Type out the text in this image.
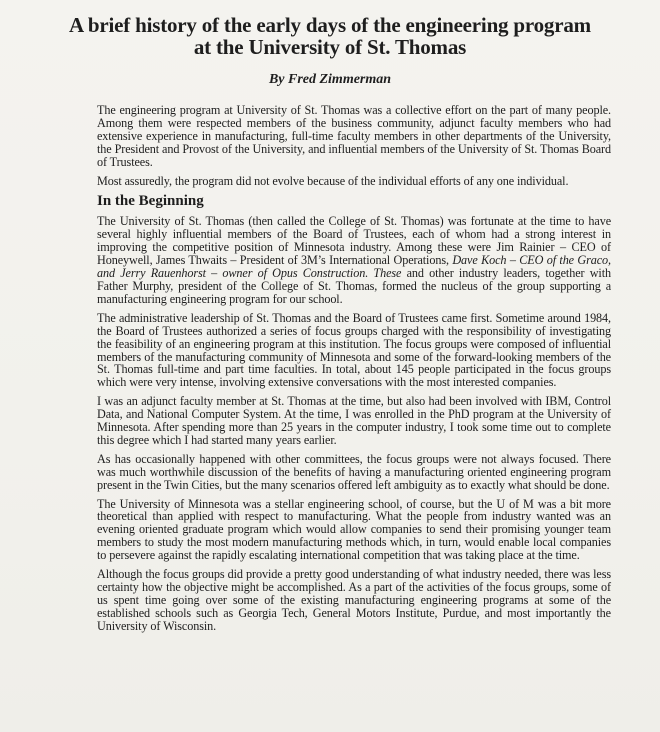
A brief history of the early days of the engineering program at the University of St. Thomas

By Fred Zimmerman

The engineering program at University of St. Thomas was a collective effort on the part of many people. Among them were respected members of the business community, adjunct faculty members who had extensive experience in manufacturing, full-time faculty members in other departments of the University, the President and Provost of the University, and influential members of the University of St. Thomas Board of Trustees.

Most assuredly, the program did not evolve because of the individual efforts of any one individual.

In the Beginning

The University of St. Thomas (then called the College of St. Thomas) was fortunate at the time to have several highly influential members of the Board of Trustees, each of whom had a strong interest in improving the competitive position of Minnesota industry. Among these were Jim Rainier – CEO of Honeywell, James Thwaits – President of 3M’s International Operations, Dave Koch – CEO of the Graco, and Jerry Rauenhorst – owner of Opus Construction. These and other industry leaders, together with Father Murphy, president of the College of St. Thomas, formed the nucleus of the group supporting a manufacturing engineering program for our school.

The administrative leadership of St. Thomas and the Board of Trustees came first. Sometime around 1984, the Board of Trustees authorized a series of focus groups charged with the responsibility of investigating the feasibility of an engineering program at this institution. The focus groups were composed of influential members of the manufacturing community of Minnesota and some of the forward-looking members of the St. Thomas full-time and part time faculties. In total, about 145 people participated in the focus groups which were very intense, involving extensive conversations with the most interested companies.

I was an adjunct faculty member at St. Thomas at the time, but also had been involved with IBM, Control Data, and National Computer System. At the time, I was enrolled in the PhD program at the University of Minnesota. After spending more than 25 years in the computer industry, I took some time out to complete this degree which I had started many years earlier.

As has occasionally happened with other committees, the focus groups were not always focused. There was much worthwhile discussion of the benefits of having a manufacturing oriented engineering program present in the Twin Cities, but the many scenarios offered left ambiguity as to exactly what should be done.

The University of Minnesota was a stellar engineering school, of course, but the U of M was a bit more theoretical than applied with respect to manufacturing. What the people from industry wanted was an evening oriented graduate program which would allow companies to send their promising younger team members to study the most modern manufacturing methods which, in turn, would enable local companies to persevere against the rapidly escalating international competition that was taking place at the time.

Although the focus groups did provide a pretty good understanding of what industry needed, there was less certainty how the objective might be accomplished. As a part of the activities of the focus groups, some of us spent time going over some of the existing manufacturing engineering programs at some of the established schools such as Georgia Tech, General Motors Institute, Purdue, and most importantly the University of Wisconsin.
